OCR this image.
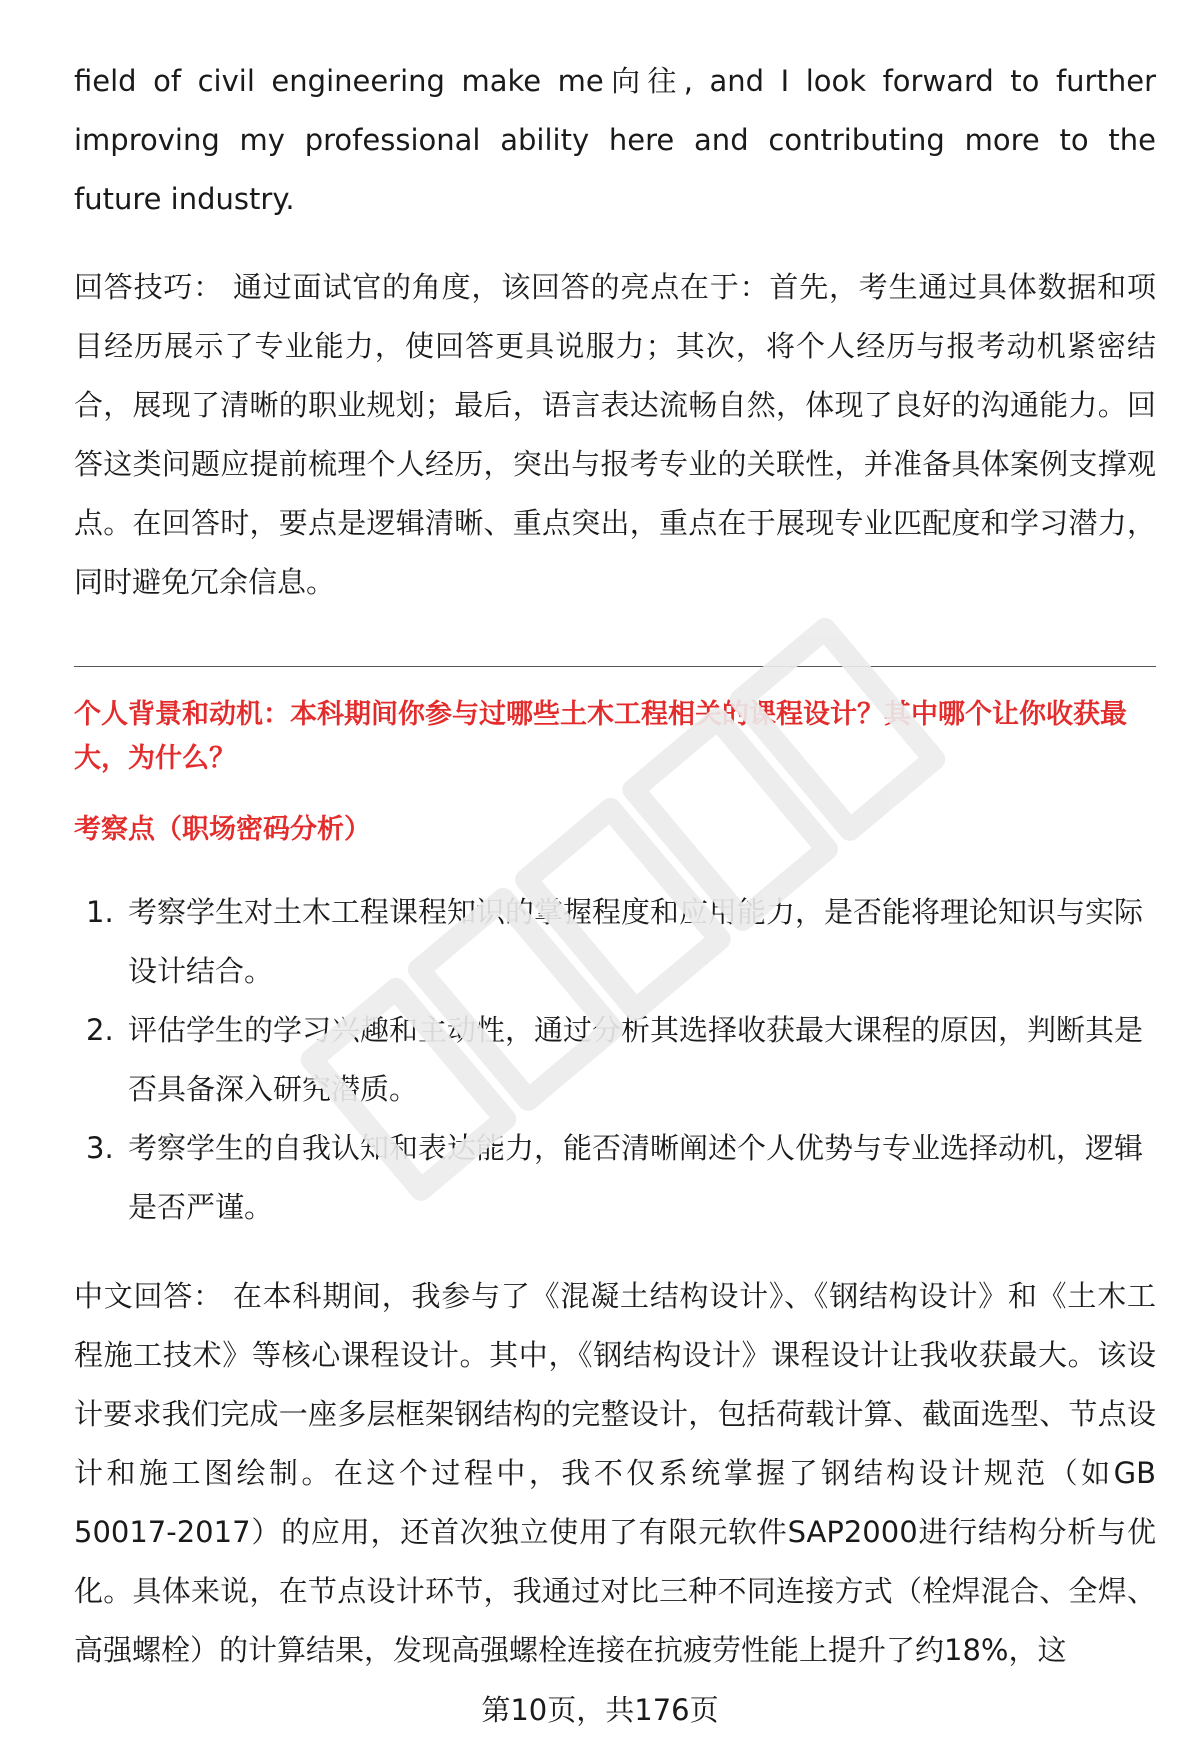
field of civil engineering make me向往, and I look forward to further improving my professional ability here and contributing more to the future industry.

回答技巧： 通过面试官的角度，该回答的亮点在于：首先，考生通过具体数据和项目经历展示了专业能力，使回答更具说服力；其次，将个人经历与报考动机紧密结合，展现了清晰的职业规划；最后，语言表达流畅自然，体现了良好的沟通能力。回答这类问题应提前梳理个人经历，突出与报考专业的关联性，并准备具体案例支撑观点。在回答时，要点是逻辑清晰、重点突出，重点在于展现专业匹配度和学习潜力，同时避免冗余信息。

个人背景和动机：本科期间你参与过哪些土木工程相关的课程设计？其中哪个让你收获最大，为什么？

考察点（职场密码分析）

1. 考察学生对土木工程课程知识的掌握程度和应用能力，是否能将理论知识与实际设计结合。
2. 评估学生的学习兴趣和主动性，通过分析其选择收获最大课程的原因，判断其是否具备深入研究潜质。
3. 考察学生的自我认知和表达能力，能否清晰阐述个人优势与专业选择动机，逻辑是否严谨。

中文回答： 在本科期间，我参与了《混凝土结构设计》、《钢结构设计》和《土木工程施工技术》等核心课程设计。其中，《钢结构设计》课程设计让我收获最大。该设计要求我们完成一座多层框架钢结构的完整设计，包括荷载计算、截面选型、节点设计和施工图绘制。在这个过程中，我不仅系统掌握了钢结构设计规范（如GB 50017-2017）的应用，还首次独立使用了有限元软件SAP2000进行结构分析与优化。具体来说，在节点设计环节，我通过对比三种不同连接方式（栓焊混合、全焊、高强螺栓）的计算结果，发现高强螺栓连接在抗疲劳性能上提升了约18%，这

第10页，共176页
